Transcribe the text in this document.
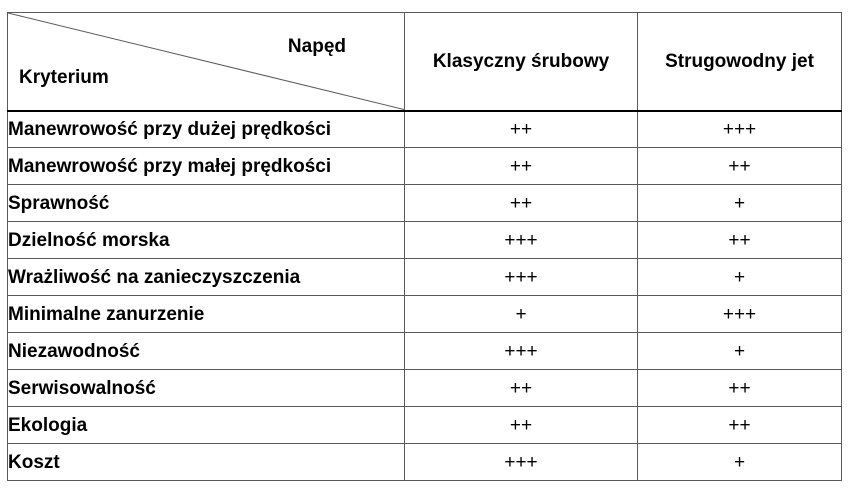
Napęd
Kryterium	Klasyczny śrubowy	Strugowodny jet
Manewrowość przy dużej prędkości	++	+++
Manewrowość przy małej prędkości	++	++
Sprawność	++	+
Dzielność morska	+++	++
Wrażliwość na zanieczyszczenia	+++	+
Minimalne zanurzenie	+	+++
Niezawodność	+++	+
Serwisowalność	++	++
Ekologia	++	++
Koszt	+++	+
